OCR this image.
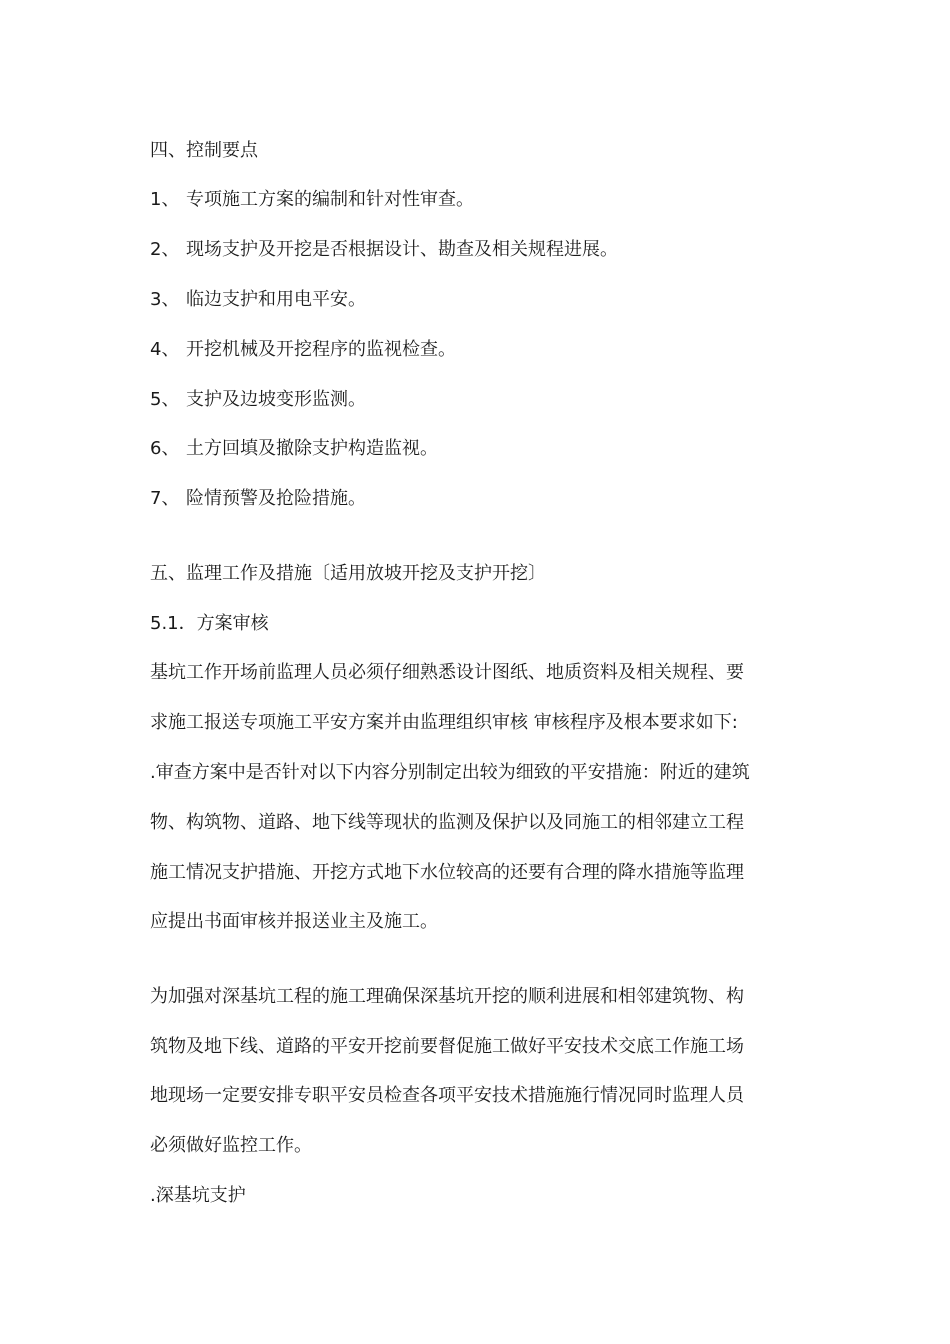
四、控制要点
1、 专项施工方案的编制和针对性审查。
2、 现场支护及开挖是否根据设计、勘查及相关规程进展。
3、 临边支护和用电平安。
4、 开挖机械及开挖程序的监视检查。
5、 支护及边坡变形监测。
6、 土方回填及撤除支护构造监视。
7、 险情预警及抢险措施。
五、监理工作及措施〔适用放坡开挖及支护开挖〕
5.1．方案审核
基坑工作开场前监理人员必须仔细熟悉设计图纸、地质资料及相关规程、要
求施工报送专项施工平安方案并由监理组织审核 审核程序及根本要求如下:
.审查方案中是否针对以下内容分别制定出较为细致的平安措施：附近的建筑
物、构筑物、道路、地下线等现状的监测及保护以及同施工的相邻建立工程
施工情况支护措施、开挖方式地下水位较高的还要有合理的降水措施等监理
应提出书面审核并报送业主及施工。
为加强对深基坑工程的施工理确保深基坑开挖的顺利进展和相邻建筑物、构
筑物及地下线、道路的平安开挖前要督促施工做好平安技术交底工作施工场
地现场一定要安排专职平安员检查各项平安技术措施施行情况同时监理人员
必须做好监控工作。
.深基坑支护
